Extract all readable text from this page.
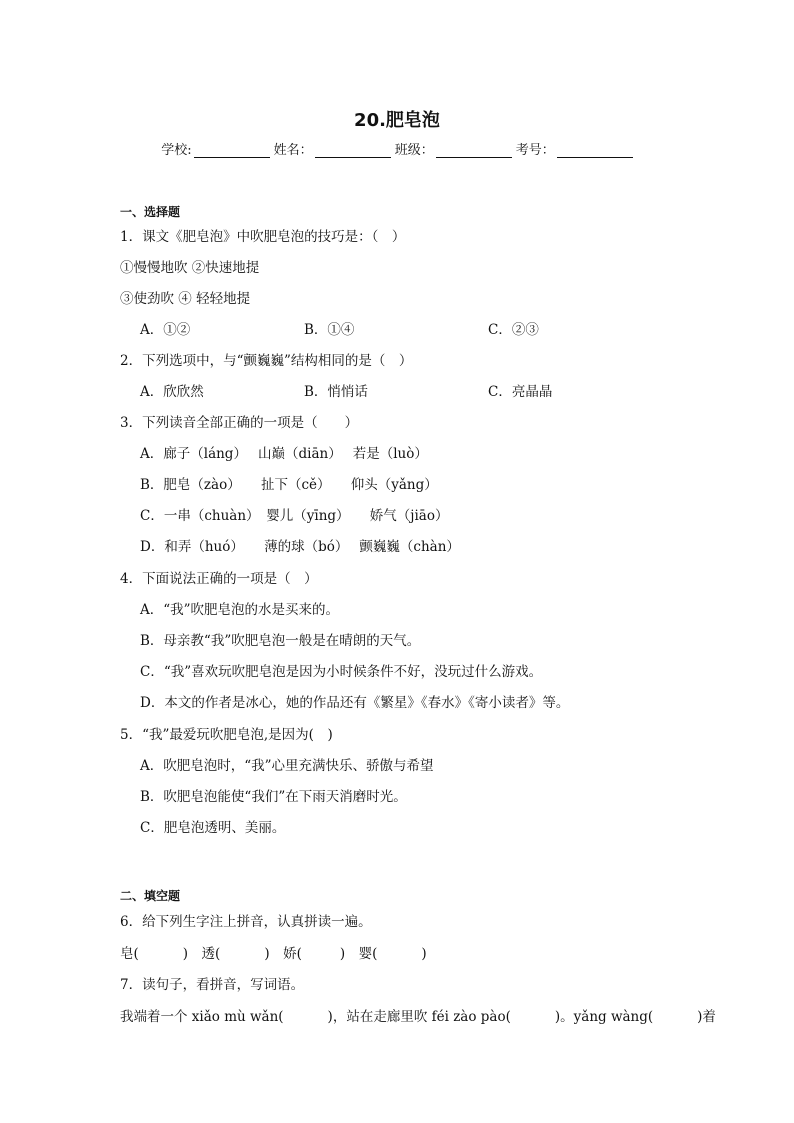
20.肥皂泡
学校:	姓名：	班级：	考号：
一、选择题
1．课文《肥皂泡》中吹肥皂泡的技巧是：（　）
①慢慢地吹 ②快速地提
③使劲吹 ④ 轻轻地提
A．①②	B．①④	C．②③
2．下列选项中，与“颤巍巍”结构相同的是（　）
A．欣欣然	B．悄悄话	C．亮晶晶
3．下列读音全部正确的一项是（　　）
A．廊子（láng）　 山巅（diān）　 若是（luò）
B．肥皂（zào）　　扯下（cě）　　仰头（yǎng）
C．一串（chuàn）　婴儿（yīng）　　娇气（jiāo）
D．和弄（huó）　　薄的球（bó）　 颤巍巍（chàn）
4．下面说法正确的一项是（　）
A．“我”吹肥皂泡的水是买来的。
B．母亲教“我”吹肥皂泡一般是在晴朗的天气。
C．“我”喜欢玩吹肥皂泡是因为小时候条件不好，没玩过什么游戏。
D．本文的作者是冰心，她的作品还有《繁星》《春水》《寄小读者》等。
5．“我”最爱玩吹肥皂泡,是因为(　)
A．吹肥皂泡时，“我”心里充满快乐、骄傲与希望
B．吹肥皂泡能使“我们”在下雨天消磨时光。
C．肥皂泡透明、美丽。
二、填空题
6．给下列生字注上拼音，认真拼读一遍。
皂(	)　透(	)　娇(	)　婴(	)
7．读句子，看拼音，写词语。
我端着一个 xiǎo mù wǎn(	)，站在走廊里吹 féi zào pào(	)。yǎng wàng(	)着
